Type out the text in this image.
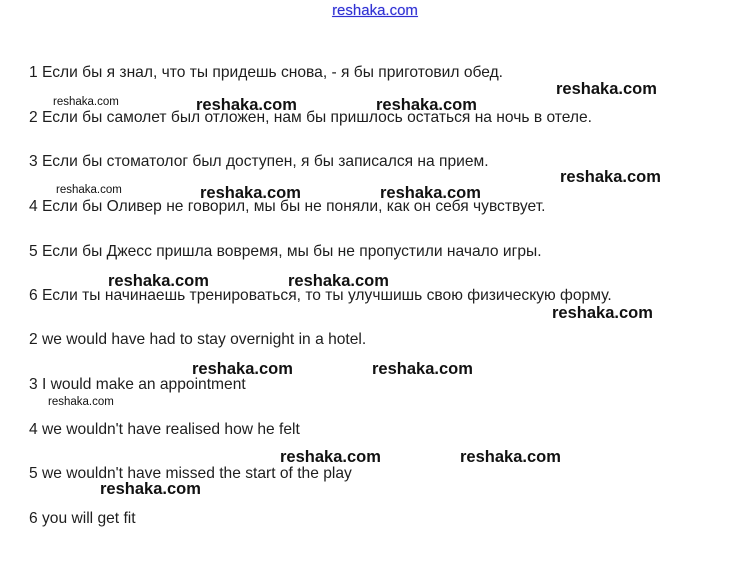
reshaka.com
1 Если бы я знал, что ты придешь снова, - я бы приготовил обед.
2 Если бы самолет был отложен, нам бы пришлось остаться на ночь в отеле.
3 Если бы стоматолог был доступен, я бы записался на прием.
4 Если бы Оливер не говорил, мы бы не поняли, как он себя чувствует.
5 Если бы Джесс пришла вовремя, мы бы не пропустили начало игры.
6 Если ты начинаешь тренироваться, то ты улучшишь свою физическую форму.
2 we would have had to stay overnight in a hotel.
3 I would make an appointment
4 we wouldn't have realised how he felt
5 we wouldn't have missed the start of the play
6 you will get fit
reshaka.com
reshaka.com	reshaka.com	reshaka.com
reshaka.com
reshaka.com	reshaka.com	reshaka.com
reshaka.com	reshaka.com
reshaka.com
reshaka.com	reshaka.com
reshaka.com
reshaka.com	reshaka.com
reshaka.com
